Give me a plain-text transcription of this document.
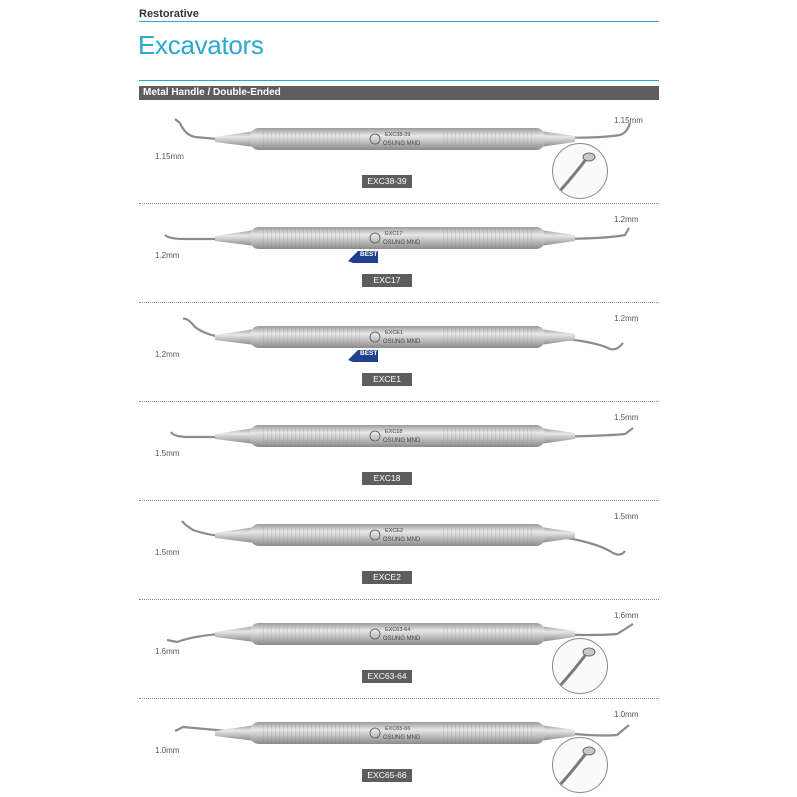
Restorative
Excavators
Metal Handle / Double-Ended
EXC38-39
OSUNG MND
1.15mm
1.15mm
EXC38-39
EXC17
OSUNG MND
1.2mm
1.2mm
BEST
EXC17
EXCE1
OSUNG MND
1.2mm
1.2mm
BEST
EXCE1
EXC18
OSUNG MND
1.5mm
1.5mm
EXC18
EXCE2
OSUNG MND
1.5mm
1.5mm
EXCE2
EXC63-64
OSUNG MND
1.6mm
1.6mm
EXC63-64
EXC65-66
OSUNG MND
1.0mm
1.0mm
EXC65-66
